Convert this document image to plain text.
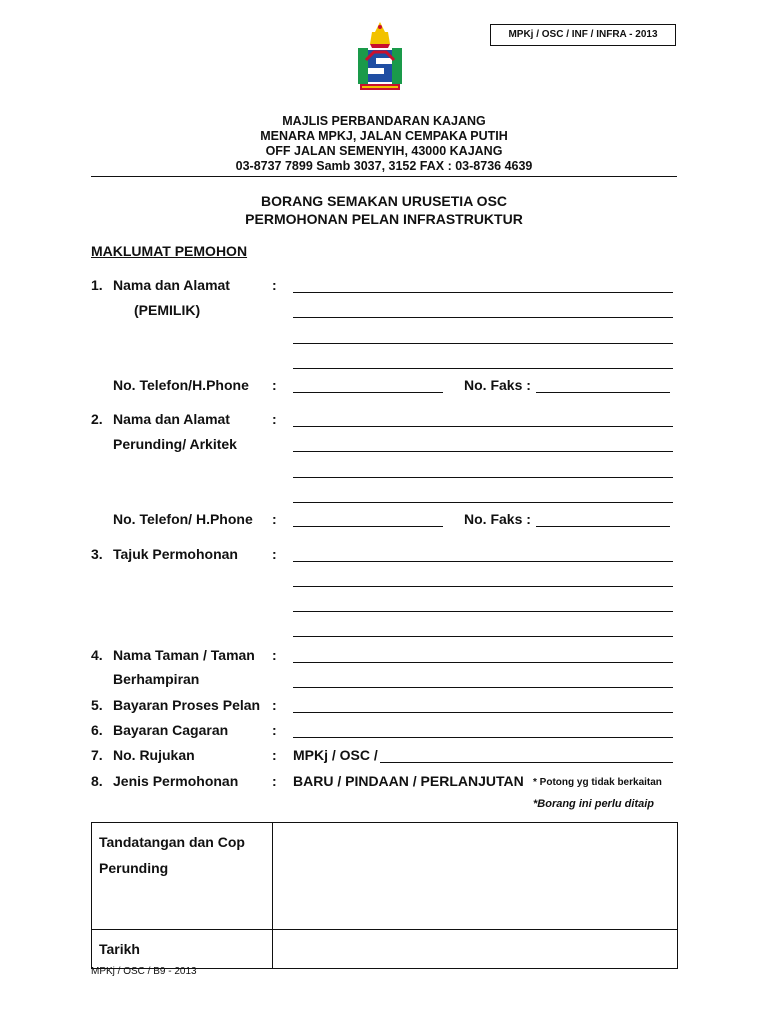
MPKj / OSC / INF / INFRA - 2013
MAJLIS PERBANDARAN KAJANG
MENARA MPKJ, JALAN CEMPAKA PUTIH
OFF JALAN SEMENYIH, 43000 KAJANG
03-8737 7899 Samb 3037, 3152 FAX : 03-8736 4639
BORANG SEMAKAN URUSETIA OSC
PERMOHONAN PELAN INFRASTRUKTUR
MAKLUMAT PEMOHON
1. Nama dan Alamat	:
(PEMILIK)
No. Telefon/H.Phone :	No. Faks :
2. Nama dan Alamat	:
Perunding/ Arkitek
No. Telefon/ H.Phone :	No. Faks :
3. Tajuk Permohonan :
4. Nama Taman / Taman :
Berhampiran
5. Bayaran Proses Pelan :
6. Bayaran Cagaran	:
7. No. Rujukan	: MPKj / OSC /
8. Jenis Permohonan : BARU / PINDAAN / PERLANJUTAN * Potong yg tidak berkaitan
*Borang ini perlu ditaip
Tandatangan dan Cop Perunding	
Tarikh	
MPKj / OSC / B9 - 2013
